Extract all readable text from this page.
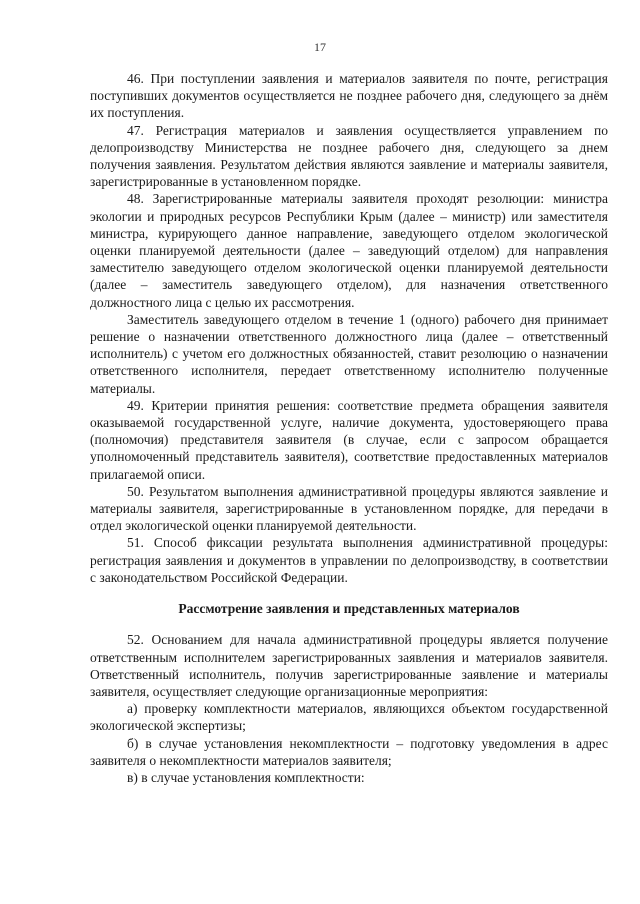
17

46. При поступлении заявления и материалов заявителя по почте, регистрация поступивших документов осуществляется не позднее рабочего дня, следующего за днём их поступления.

47. Регистрация материалов и заявления осуществляется управлением по делопроизводству Министерства не позднее рабочего дня, следующего за днем получения заявления. Результатом действия являются заявление и материалы заявителя, зарегистрированные в установленном порядке.

48. Зарегистрированные материалы заявителя проходят резолюции: министра экологии и природных ресурсов Республики Крым (далее – министр) или заместителя министра, курирующего данное направление, заведующего отделом экологической оценки планируемой деятельности (далее – заведующий отделом) для направления заместителю заведующего отделом экологической оценки планируемой деятельности (далее – заместитель заведующего отделом), для назначения ответственного должностного лица с целью их рассмотрения.

Заместитель заведующего отделом в течение 1 (одного) рабочего дня принимает решение о назначении ответственного должностного лица (далее – ответственный исполнитель) с учетом его должностных обязанностей, ставит резолюцию о назначении ответственного исполнителя, передает ответственному исполнителю полученные материалы.

49. Критерии принятия решения: соответствие предмета обращения заявителя оказываемой государственной услуге, наличие документа, удостоверяющего права (полномочия) представителя заявителя (в случае, если с запросом обращается уполномоченный представитель заявителя), соответствие предоставленных материалов прилагаемой описи.

50. Результатом выполнения административной процедуры являются заявление и материалы заявителя, зарегистрированные в установленном порядке, для передачи в отдел экологической оценки планируемой деятельности.

51. Способ фиксации результата выполнения административной процедуры: регистрация заявления и документов в управлении по делопроизводству, в соответствии с законодательством Российской Федерации.

Рассмотрение заявления и представленных материалов

52. Основанием для начала административной процедуры является получение ответственным исполнителем зарегистрированных заявления и материалов заявителя. Ответственный исполнитель, получив зарегистрированные заявление и материалы заявителя, осуществляет следующие организационные мероприятия:

а) проверку комплектности материалов, являющихся объектом государственной экологической экспертизы;

б) в случае установления некомплектности – подготовку уведомления в адрес заявителя о некомплектности материалов заявителя;

в) в случае установления комплектности:
